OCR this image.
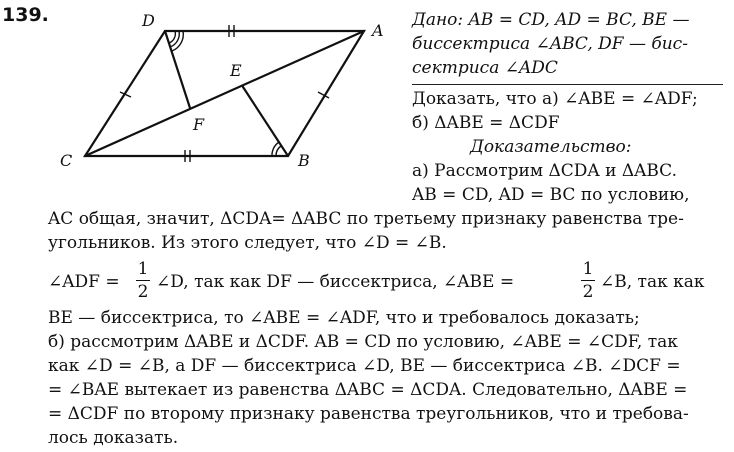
139.	D
A
C	B
E
F
Дано: AB = CD, AD = BC, BE —
биссектриса ∠ABC, DF — бис-
сектриса ∠ADC
Доказать, что а) ∠ABE = ∠ADF;
б) ΔABE = ΔCDF
Доказательство:
а) Рассмотрим ΔCDA и ΔABC.
AB = CD, AD = BC по условию,
AC общая, значит, ΔCDA= ΔABC по третьему признаку равенства тре-
угольников. Из этого следует, что ∠D = ∠B.
∠ADF =
1
2 ∠D, так как DF — биссектриса, ∠ABE =
1
2 ∠B, так как
BE — биссектриса, то ∠ABE = ∠ADF, что и требовалось доказать;
б) рассмотрим ΔABE и ΔCDF. AB = CD по условию, ∠ABE = ∠CDF, так
как ∠D = ∠B, а DF — биссектриса ∠D, BE — биссектриса ∠B. ∠DCF =
= ∠BAE вытекает из равенства ΔABC = ΔCDA. Следовательно, ΔABE =
= ΔCDF по второму признаку равенства треугольников, что и требова-
лось доказать.
